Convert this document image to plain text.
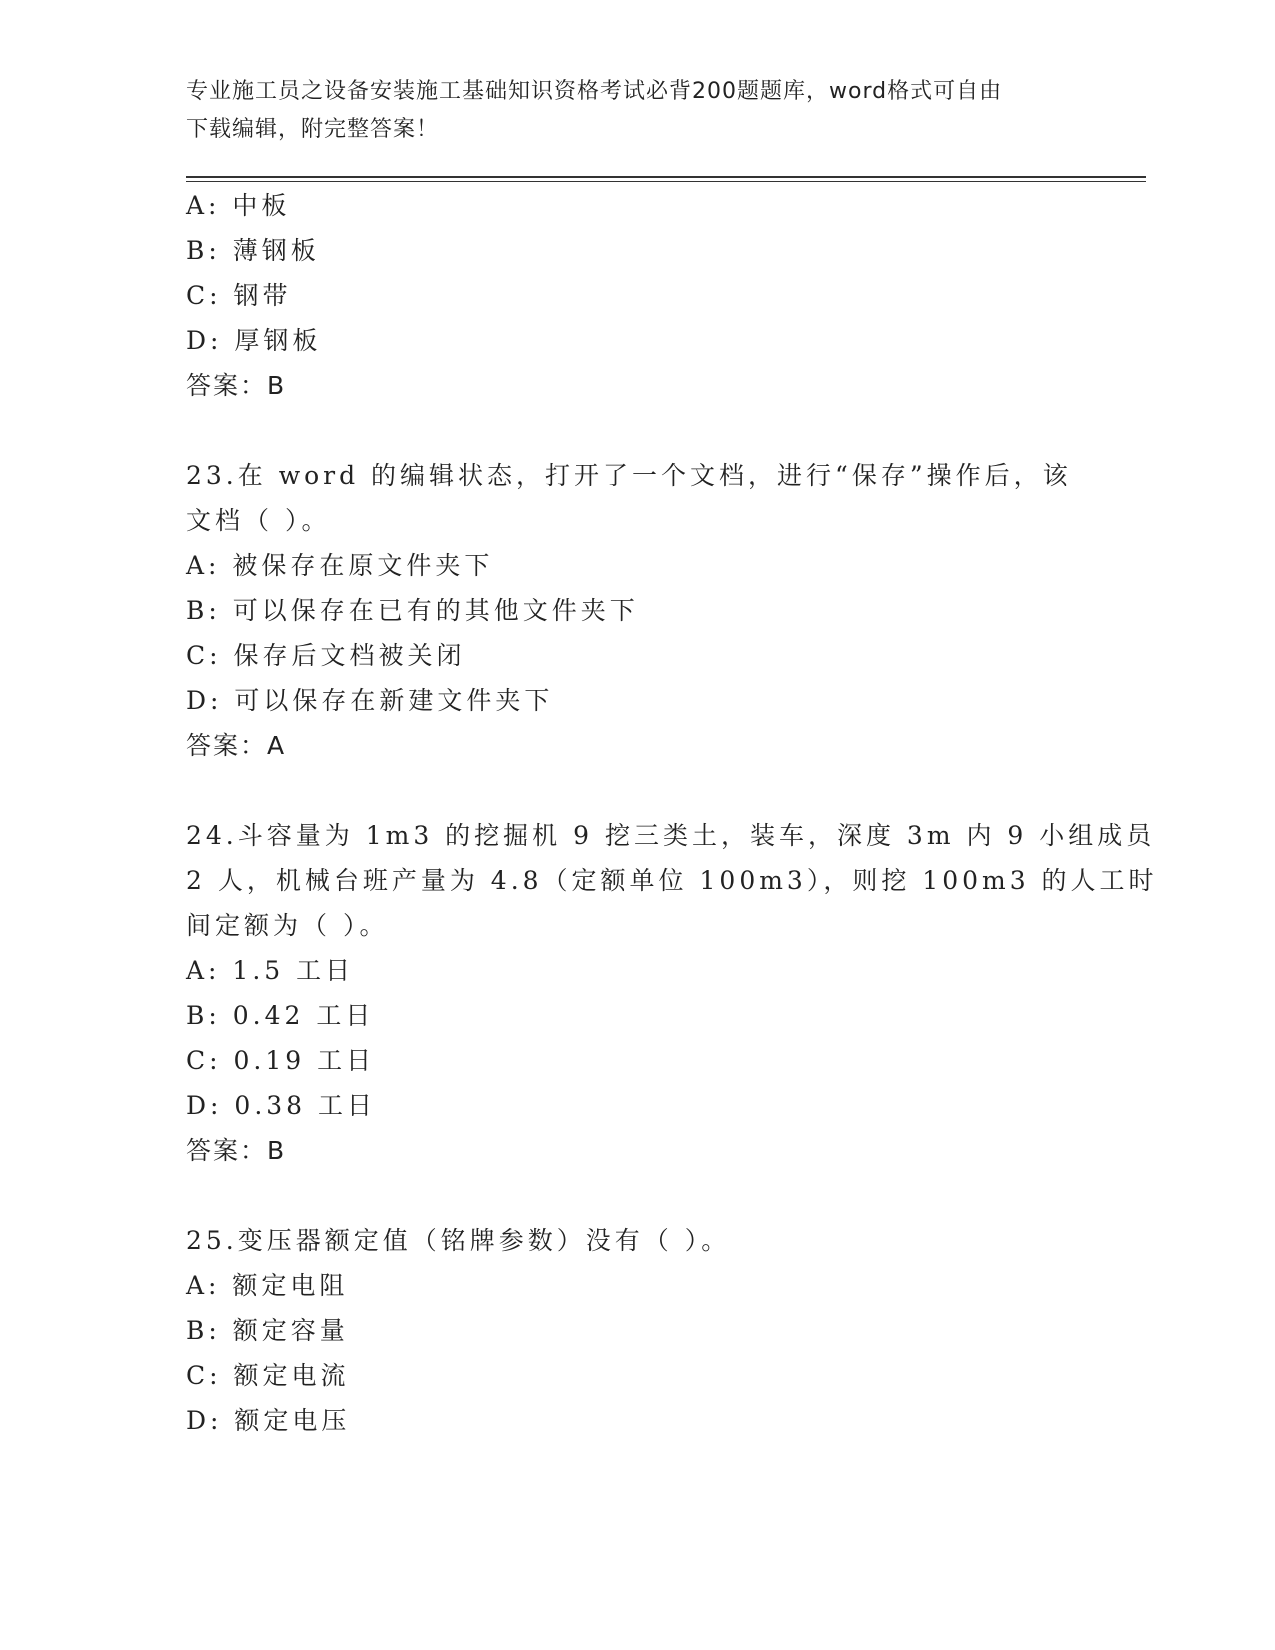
专业施工员之设备安装施工基础知识资格考试必背200题题库，word格式可自由
下载编辑，附完整答案！
A: 中板
B: 薄钢板
C: 钢带
D: 厚钢板
答案：B
23.在 word 的编辑状态，打开了一个文档，进行“保存”操作后，该
文档（ ）。
A: 被保存在原文件夹下
B: 可以保存在已有的其他文件夹下
C: 保存后文档被关闭
D: 可以保存在新建文件夹下
答案：A
24.斗容量为 1m3 的挖掘机 9 挖三类土，装车，深度 3m 内 9 小组成员
2 人，机械台班产量为 4.8（定额单位 100m3），则挖 100m3 的人工时
间定额为（ ）。
A: 1.5 工日
B: 0.42 工日
C: 0.19 工日
D: 0.38 工日
答案：B
25.变压器额定值（铭牌参数）没有（ ）。
A: 额定电阻
B: 额定容量
C: 额定电流
D: 额定电压
